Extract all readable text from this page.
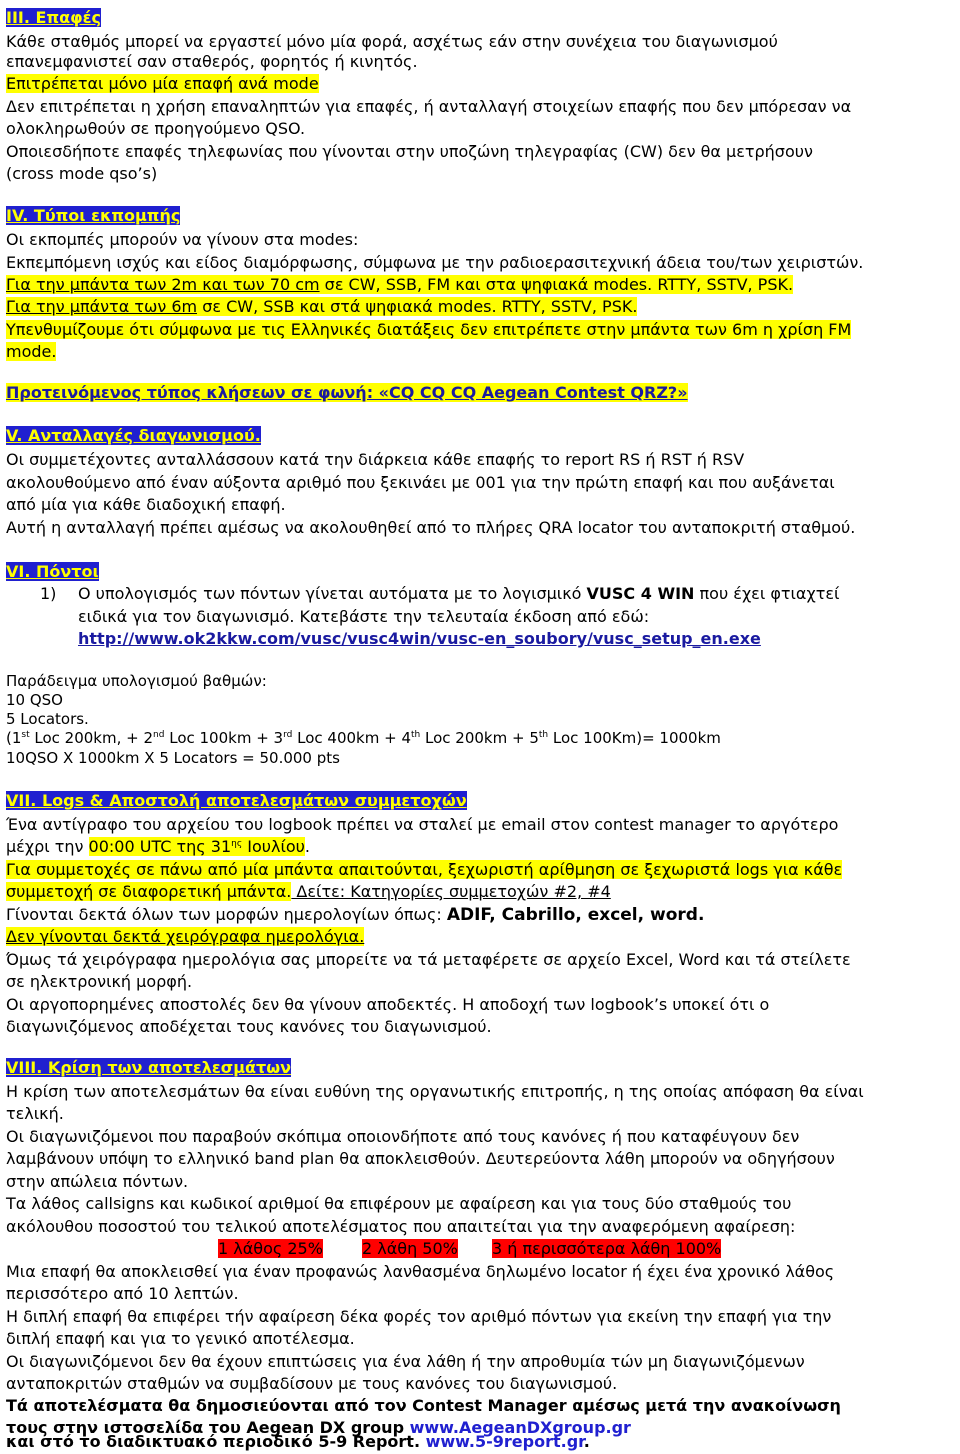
III. Επαφές
Κάθε σταθμός μπορεί να εργαστεί μόνο μία φορά, ασχέτως εάν στην συνέχεια του διαγωνισμού
επανεμφανιστεί σαν σταθερός, φορητός ή κινητός.
Επιτρέπεται μόνο μία επαφή ανά mode
Δεν επιτρέπεται η χρήση επαναληπτών για επαφές, ή ανταλλαγή στοιχείων επαφής που δεν μπόρεσαν να
ολοκληρωθούν σε προηγούμενο QSO.
Οποιεσδήποτε επαφές τηλεφωνίας που γίνονται στην υποζώνη τηλεγραφίας (CW) δεν θα μετρήσουν
(cross mode qso’s)
IV. Τύποι εκπομπής
Οι εκπομπές μπορούν να γίνουν στα modes:
Εκπεμπόμενη ισχύς και είδος διαμόρφωσης, σύμφωνα με την ραδιοερασιτεχνική άδεια του/των χειριστών.
Για την μπάντα των 2m και των 70 cm σε CW, SSB, FM και στα ψηφιακά modes. RTTY, SSTV, PSK.
Για την μπάντα των 6m σε CW, SSB και στά ψηφιακά modes. RTTY, SSTV, PSK.
Υπενθυμίζουμε ότι σύμφωνα με τις Ελληνικές διατάξεις δεν επιτρέπετε στην μπάντα των 6m η χρίση FM
mode.
Προτεινόμενος τύπος κλήσεων σε φωνή: «CQ CQ CQ Aegean Contest QRZ?»
V. Ανταλλαγές διαγωνισμού.
Οι συμμετέχοντες ανταλλάσσουν κατά την διάρκεια κάθε επαφής το report RS ή RST ή RSV
ακολουθούμενο από έναν αύξοντα αριθμό που ξεκινάει με 001 για την πρώτη επαφή και που αυξάνεται
από μία για κάθε διαδοχική επαφή.
Αυτή η ανταλλαγή πρέπει αμέσως να ακολουθηθεί από το πλήρες QRA locator του ανταποκριτή σταθμού.
VI. Πόντοι
1) Ο υπολογισμός των πόντων γίνεται αυτόματα με το λογισμικό VUSC 4 WIN που έχει φτιαχτεί
ειδικά για τον διαγωνισμό. Κατεβάστε την τελευταία έκδοση από εδώ:
http://www.ok2kkw.com/vusc/vusc4win/vusc-en_soubory/vusc_setup_en.exe
Παράδειγμα υπολογισμού βαθμών:
10 QSO
5 Locators.
(1st Loc 200km, + 2nd Loc 100km + 3rd Loc 400km + 4th Loc 200km + 5th Loc 100Km)= 1000km
10QSO X 1000km X 5 Locators = 50.000 pts
VII. Logs & Αποστολή αποτελεσμάτων συμμετοχών
Ένα αντίγραφο του αρχείου του logbook πρέπει να σταλεί με email στον contest manager το αργότερο
μέχρι την 00:00 UTC της $31^{\eta\varsigma}$ Ιουλίου.
Για συμμετοχές σε πάνω από μία μπάντα απαιτούνται, ξεχωριστή αρίθμηση σε ξεχωριστά logs για κάθε
συμμετοχή σε διαφορετική μπάντα. Δείτε: Κατηγορίες συμμετοχών #2, #4
Γίνονται δεκτά όλων των μορφών ημερολογίων όπως: ADIF, Cabrillo, excel, word.
Δεν γίνονται δεκτά χειρόγραφα ημερολόγια.
Όμως τά χειρόγραφα ημερολόγια σας μπορείτε να τά μεταφέρετε σε αρχείο Excel, Word και τά στείλετε
σε ηλεκτρονική μορφή.
Οι αργοπορημένες αποστολές δεν θα γίνουν αποδεκτές. Η αποδοχή των logbook’s υποκεί ότι ο
διαγωνιζόμενος αποδέχεται τους κανόνες του διαγωνισμού.
VIII. Κρίση των αποτελεσμάτων
Η κρίση των αποτελεσμάτων θα είναι ευθύνη της οργανωτικής επιτροπής, η της οποίας απόφαση θα είναι
τελική.
Οι διαγωνιζόμενοι που παραβούν σκόπιμα οποιονδήποτε από τους κανόνες ή που καταφέυγουν δεν
λαμβάνουν υπόψη το ελληνικό band plan θα αποκλεισθούν. Δευτερεύοντα λάθη μπορούν να οδηγήσουν
στην απώλεια πόντων.
Τα λάθος callsigns και κωδικοί αριθμοί θα επιφέρουν με αφαίρεση και για τους δύο σταθμούς του
ακόλουθου ποσοστού του τελικού αποτελέσματος που απαιτείται για την αναφερόμενη αφαίρεση:
1 λάθος 25% 2 λάθη 50% 3 ή περισσότερα λάθη 100%
Μια επαφή θα αποκλεισθεί για έναν προφανώς λανθασμένα δηλωμένο locator ή έχει ένα χρονικό λάθος
περισσότερο από 10 λεπτών.
Η διπλή επαφή θα επιφέρει τήν αφαίρεση δέκα φορές τον αριθμό πόντων για εκείνη την επαφή για την
διπλή επαφή και για το γενικό αποτέλεσμα.
Οι διαγωνιζόμενοι δεν θα έχουν επιπτώσεις για ένα λάθη ή την απροθυμία τών μη διαγωνιζόμενων
ανταποκριτών σταθμών να συμβαδίσουν με τους κανόνες του διαγωνισμού.
Τά αποτελέσματα θα δημοσιεύονται από τον Contest Manager αμέσως μετά την ανακοίνωση
τους στην ιστοσελίδα του Aegean DX group www.AegeanDXgroup.gr
και στό το διαδικτυακό περιοδικό 5-9 Report. www.5-9report.gr.
